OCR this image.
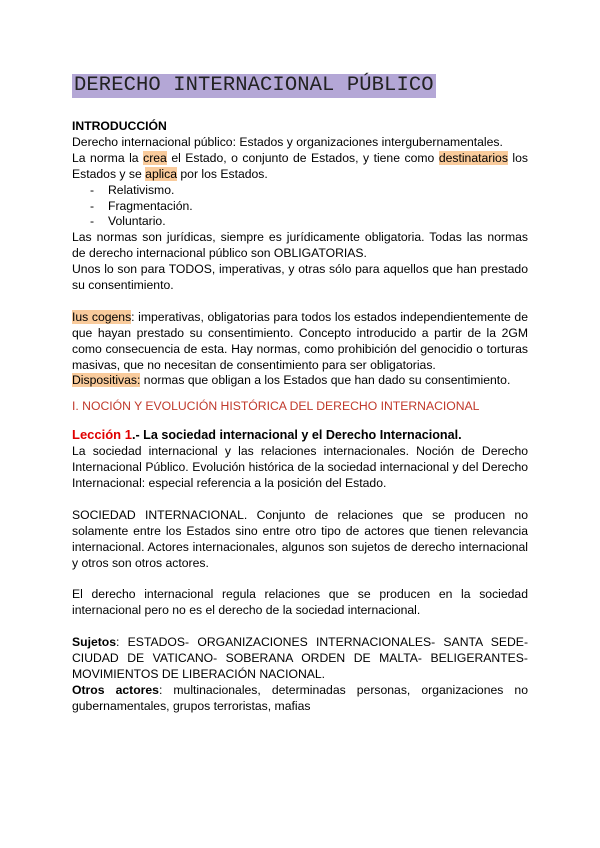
DERECHO INTERNACIONAL PÚBLICO

INTRODUCCIÓN

Derecho internacional público: Estados y organizaciones intergubernamentales.

La norma la crea el Estado, o conjunto de Estados, y tiene como destinatarios los Estados y se aplica por los Estados.

- Relativismo.
- Fragmentación.
- Voluntario.

Las normas son jurídicas, siempre es jurídicamente obligatoria. Todas las normas de derecho internacional público son OBLIGATORIAS.

Unos lo son para TODOS, imperativas, y otras sólo para aquellos que han prestado su consentimiento.

Ius cogens: imperativas, obligatorias para todos los estados independientemente de que hayan prestado su consentimiento. Concepto introducido a partir de la 2GM como consecuencia de esta. Hay normas, como prohibición del genocidio o torturas masivas, que no necesitan de consentimiento para ser obligatorias.

Dispositivas: normas que obligan a los Estados que han dado su consentimiento.

I. NOCIÓN Y EVOLUCIÓN HISTÓRICA DEL DERECHO INTERNACIONAL

Lección 1.- La sociedad internacional y el Derecho Internacional.

La sociedad internacional y las relaciones internacionales. Noción de Derecho Internacional Público. Evolución histórica de la sociedad internacional y del Derecho Internacional: especial referencia a la posición del Estado.

SOCIEDAD INTERNACIONAL. Conjunto de relaciones que se producen no solamente entre los Estados sino entre otro tipo de actores que tienen relevancia internacional. Actores internacionales, algunos son sujetos de derecho internacional y otros son otros actores.

El derecho internacional regula relaciones que se producen en la sociedad internacional pero no es el derecho de la sociedad internacional.

Sujetos: ESTADOS- ORGANIZACIONES INTERNACIONALES- SANTA SEDE-CIUDAD DE VATICANO- SOBERANA ORDEN DE MALTA- BELIGERANTES-MOVIMIENTOS DE LIBERACIÓN NACIONAL.

Otros actores: multinacionales, determinadas personas, organizaciones no gubernamentales, grupos terroristas, mafias
